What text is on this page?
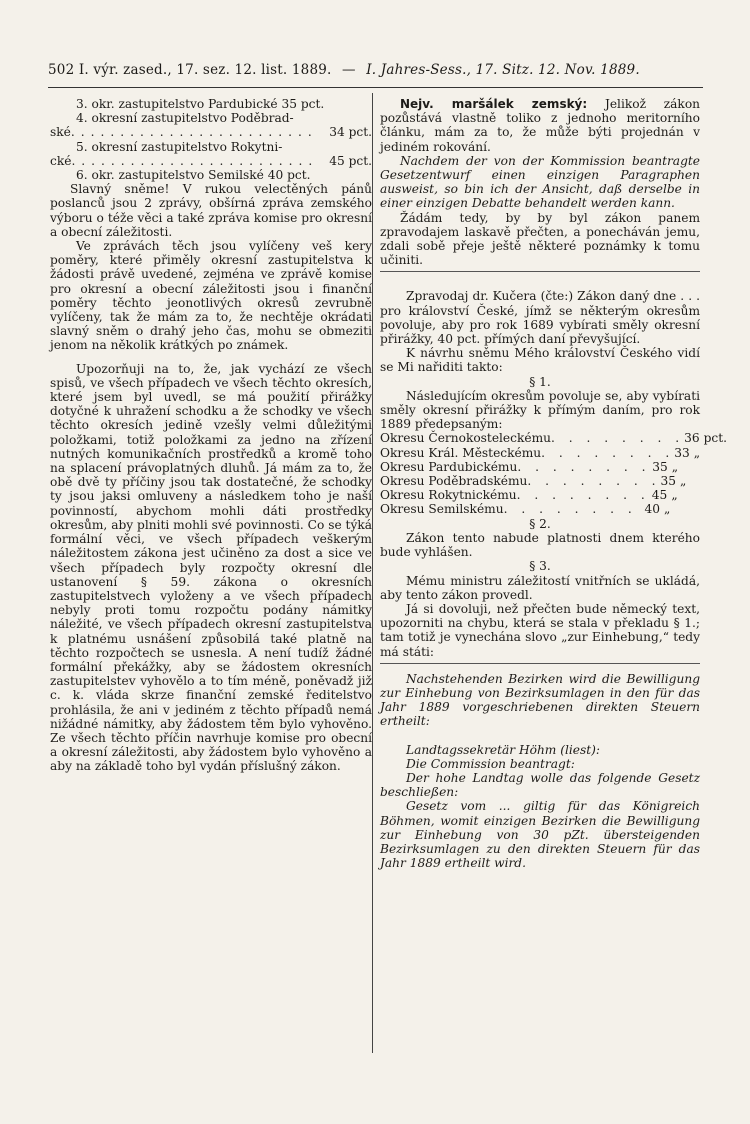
502 I. výr. zased., 17. sez. 12. list. 1889. — I. Jahres-Sess., 17. Sitz. 12. Nov. 1889.

3. okr. zastupitelstvo Pardubické 35 pct.

4. okresní zastupitelstvo Poděbrad-

ské ......................... 34 pct.

5. okresní zastupitelstvo Rokytni-

cké ......................... 45 pct.

6. okr. zastupitelstvo Semilské 40 pct.

Slavný sněme! V rukou velectěných pánů poslanců jsou 2 zprávy, obšírná zpráva zemského výboru o téže věci a také zpráva komise pro okresní a obecní záležitosti.

Ve zprávách těch jsou vylíčeny veš kery poměry, které přiměly okresní zastupitelstva k žádosti právě uvedené, zejména ve zprávě komise pro okresní a obecní záležitosti jsou i finanční poměry těchto jeonotlivých okresů zevrubně vylíčeny, tak že mám za to, že nechtěje okrádati slavný sněm o drahý jeho čas, mohu se obmeziti jenom na několik krátkých po známek.

Upozorňuji na to, že, jak vychází ze všech spisů, ve všech případech ve všech těchto okresích, které jsem byl uvedl, se má použití přirážky dotyčné k uhražení schodku a že schodky ve všech těchto okresích jedině vzešly velmi důležitými položkami, totiž položkami za jedno na zřízení nutných komunikačních prostředků a kromě toho na splacení právoplatných dluhů. Já mám za to, že obě dvě ty příčiny jsou tak dostatečné, že schodky ty jsou jaksi omluveny a následkem toho je naší povinností, abychom mohli dáti prostředky okresům, aby plniti mohli své povinnosti. Co se týká formální věci, ve všech případech veškerým náležitostem zákona jest učiněno za dost a sice ve všech případech byly rozpočty okresní dle ustanovení § 59. zákona o okresních zastupitelstvech vyloženy a ve všech případech nebyly proti tomu rozpočtu podány námitky náležité, ve všech případech okresní zastupitelstva k platnému usnášení způsobilá také platně na těchto rozpočtech se usnesla. A není tudíž žádné formální překážky, aby se žádostem okresních zastupitelstev vyhovělo a to tím méně, poněvadž již c. k. vláda skrze finanční zemské ředitelstvo prohlásila, že ani v jediném z těchto případů nemá nižádné námitky, aby žádostem těm bylo vyhověno. Ze všech těchto příčin navrhuje komise pro obecní a okresní záležitosti, aby žádostem bylo vyhověno a aby na základě toho byl vydán příslušný zákon.

Nejv. maršálek zemský: Jelikož zákon pozůstává vlastně toliko z jednoho meritorního článku, mám za to, že může býti projednán v jediném rokování.

Nachdem der von der Kommission beantragte Gesetzentwurf einen einzigen Paragraphen ausweist, so bin ich der Ansicht, daß derselbe in einer einzigen Debatte behandelt werden kann.

Žádám tedy, by by byl zákon panem zpravodajem laskavě přečten, a ponecháván jemu, zdali sobě přeje ještě některé poznámky k tomu učiniti.

Zpravodaj dr. Kučera (čte:) Zákon daný dne . . . pro království České, jímž se některým okresům povoluje, aby pro rok 1689 vybírati směly okresní přirážky, 40 pct. přímých daní převyšující.

K návrhu sněmu Mého království Českého vidí se Mi nařiditi takto:

§ 1.

Následujícím okresům povoluje se, aby vybírati směly okresní přirážky k přímým daním, pro rok 1889 předepsaným:

Okresu Černokosteleckému . . . . . . . . 36 pct.
Okresu Král. Městeckému . . . . . . . . 33 „
Okresu Pardubickému . . . . . . . . 35 „
Okresu Poděbradskému . . . . . . . . 35 „
Okresu Rokytnickému . . . . . . . . 45 „
Okresu Semilskému . . . . . . . . 40 „

§ 2.

Zákon tento nabude platnosti dnem kterého bude vyhlášen.

§ 3.

Mému ministru záležitostí vnitřních se ukládá, aby tento zákon provedl.

Já si dovoluji, než přečten bude německý text, upozorniti na chybu, která se stala v překladu § 1.; tam totiž je vynechána slovo „zur Einhebung,“ tedy má státi:

Nachstehenden Bezirken wird die Bewilligung zur Einhebung von Bezirksumlagen in den für das Jahr 1889 vorgeschriebenen direkten Steuern ertheilt:

Landtagssekretär Höhm (liest):

Die Commission beantragt:

Der hohe Landtag wolle das folgende Gesetz beschließen:

Gesetz vom ... giltig für das Königreich Böhmen, womit einzigen Bezirken die Bewilligung zur Einhebung von 30 pZt. übersteigenden Bezirksumlagen zu den direkten Steuern für das Jahr 1889 ertheilt wird.
